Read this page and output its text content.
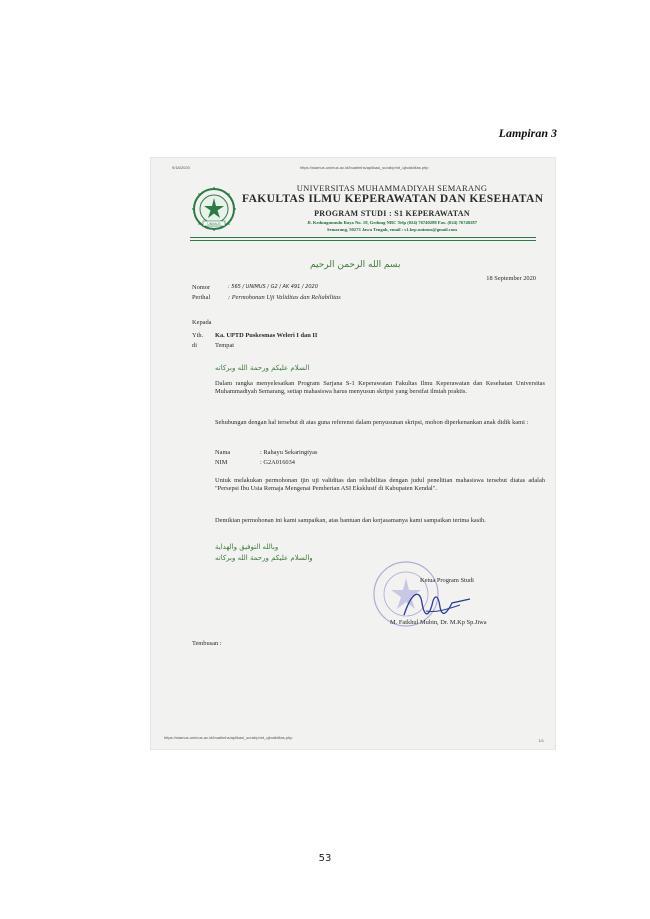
Lampiran 3
9/18/2020	https://siamus.unimus.ac.id/buatimhs/aplikasi_surat/print_ujivaliditas.php
UNIMUS
UNIVERSITAS MUHAMMADIYAH SEMARANG
FAKULTAS ILMU KEPERAWATAN DAN KESEHATAN
PROGRAM STUDI : S1 KEPERAWATAN
Jl. Kedungmundu Raya No. 18, Gedung NRC Telp (024) 76740288 Fax. (024) 76740287
Semarang, 50273 Jawa Tengah, email : s1.kep.unimus@gmail.com
بسم الله الرحمن الرحيم
18 September 2020
Nomor	: 565 / UNIMUS / G2 / AK 491 / 2020
Perihal	: Permohonan Uji Validitas dan Reliabilitas
Kepada
Yth. Ka. UPTD Puskesmas Weleri I dan II
di	Tempat
السلام عليكم ورحمة الله وبركاته
Dalam rangka menyelesaikan Program Sarjana S-1 Keperawatan Fakultas Ilmu Keperawatan dan Kesehatan Universitas Muhammadiyah Semarang, setiap mahasiswa harus menyusun skripsi yang bersifat ilmiah praktis.
Sehubungan dengan hal tersebut di atas guna referensi dalam penyusunan skripsi, mohon diperkenankan anak didik kami :
Nama	: Rahayu Sekaringtyas
NIM	: G2A016034
Untuk melakukan permohonan ijin uji validitas dan reliabilitas dengan judul penelitian mahasiswa tersebut diatas adalah "Persepsi Ibu Usia Remaja Mengenai Pemberian ASI Eksklusif di Kabupaten Kendal".
Demikian permohonan ini kami sampaikan, atas bantuan dan kerjasamanya kami sampaikan terima kasih.
وبالله التوفيق والهداية
والسلام عليكم ورحمة الله وبركاته
Ketua Program Studi
M. Fatkhul Mubin, Dr. M.Kp Sp.Jiwa
Tembusan :
https://siamus.unimus.ac.id/buatimhs/aplikasi_surat/print_ujivaliditas.php
1/1
53
